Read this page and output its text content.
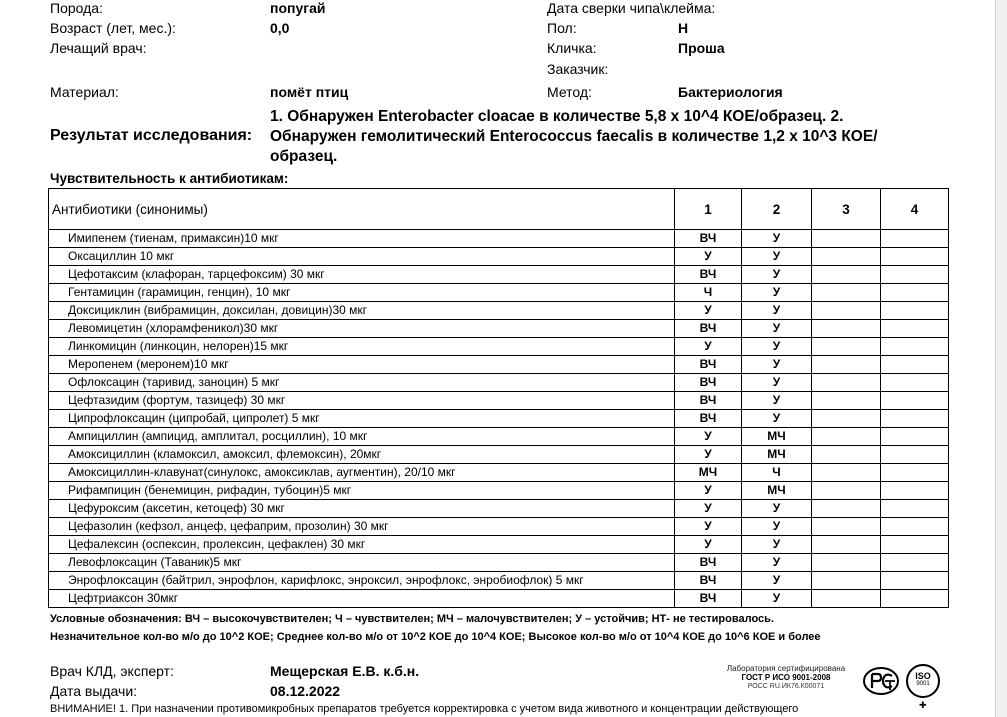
Порода:	попугай	Дата сверки чипа\клейма:
Возраст (лет, мес.):	0,0	Пол:	Н
Лечащий врач:	Кличка:	Проша
Заказчик:
Материал:	помёт птиц	Метод:	Бактериология
Результат исследования:
1. Обнаружен Enterobacter cloacae в количестве 5,8 x 10^4 КОЕ/образец. 2. Обнаружен гемолитический Enterococcus faecalis в количестве 1,2 x 10^3 КОЕ/образец.
Чувствительность к антибиотикам:
Антибиотики (синонимы)	1	2	3	4
Имипенем (тиенам, примаксин)10 мкг	ВЧ	У		
Оксациллин 10 мкг	У	У		
Цефотаксим (клафоран, тарцефоксим) 30 мкг	ВЧ	У		
Гентамицин (гарамицин, генцин), 10 мкг	Ч	У		
Доксициклин (вибрамицин, доксилан, довицин)30 мкг	У	У		
Левомицетин (хлорамфеникол)30 мкг	ВЧ	У		
Линкомицин (линкоцин, нелорен)15 мкг	У	У		
Меропенем (меронем)10 мкг	ВЧ	У		
Офлоксацин (таривид, заноцин) 5 мкг	ВЧ	У		
Цефтазидим (фортум, тазицеф) 30 мкг	ВЧ	У		
Ципрофлоксацин (ципробай, ципролет) 5 мкг	ВЧ	У		
Ампициллин (ампицид, амплитал, росциллин), 10 мкг	У	МЧ		
Амоксициллин (кламоксил, амоксил, флемоксин), 20мкг	У	МЧ		
Амоксициллин-клавунат(синулокс, амоксиклав, аугментин), 20/10 мкг	МЧ	Ч		
Рифампицин (бенемицин, рифадин, тубоцин)5 мкг	У	МЧ		
Цефуроксим (аксетин, кетоцеф) 30 мкг	У	У		
Цефазолин (кефзол, анцеф, цефаприм, прозолин) 30 мкг	У	У		
Цефалексин (оспексин, пролексин, цефаклен) 30 мкг	У	У		
Левофлоксацин (Таваник)5 мкг	ВЧ	У		
Энрофлоксацин (байтрил, энрофлон, карифлокс, энроксил, энрофлокс, энробиофлок) 5 мкг	ВЧ	У		
Цефтриаксон 30мкг	ВЧ	У		
Условные обозначения: ВЧ – высокочувствителен; Ч – чувствителен; МЧ – малочувствителен; У – устойчив; НТ- не тестировалось.
Незначительное кол-во м/о до 10^2 КОЕ; Среднее кол-во м/о от 10^2 КОЕ до 10^4 КОЕ; Высокое кол-во м/о от 10^4 КОЕ до 10^6 КОЕ и более
Врач КЛД, эксперт:	Мещерская Е.В. к.б.н.
Дата выдачи:	08.12.2022
ВНИМАНИЕ! 1. При назначении противомикробных препаратов требуется корректировка с учетом вида животного и концентрации действующего
Лаборатория сертифицирована
ГОСТ Р ИСО 9001-2008
РОСС RU.ИК76.К00071
ISO
9001
✚
